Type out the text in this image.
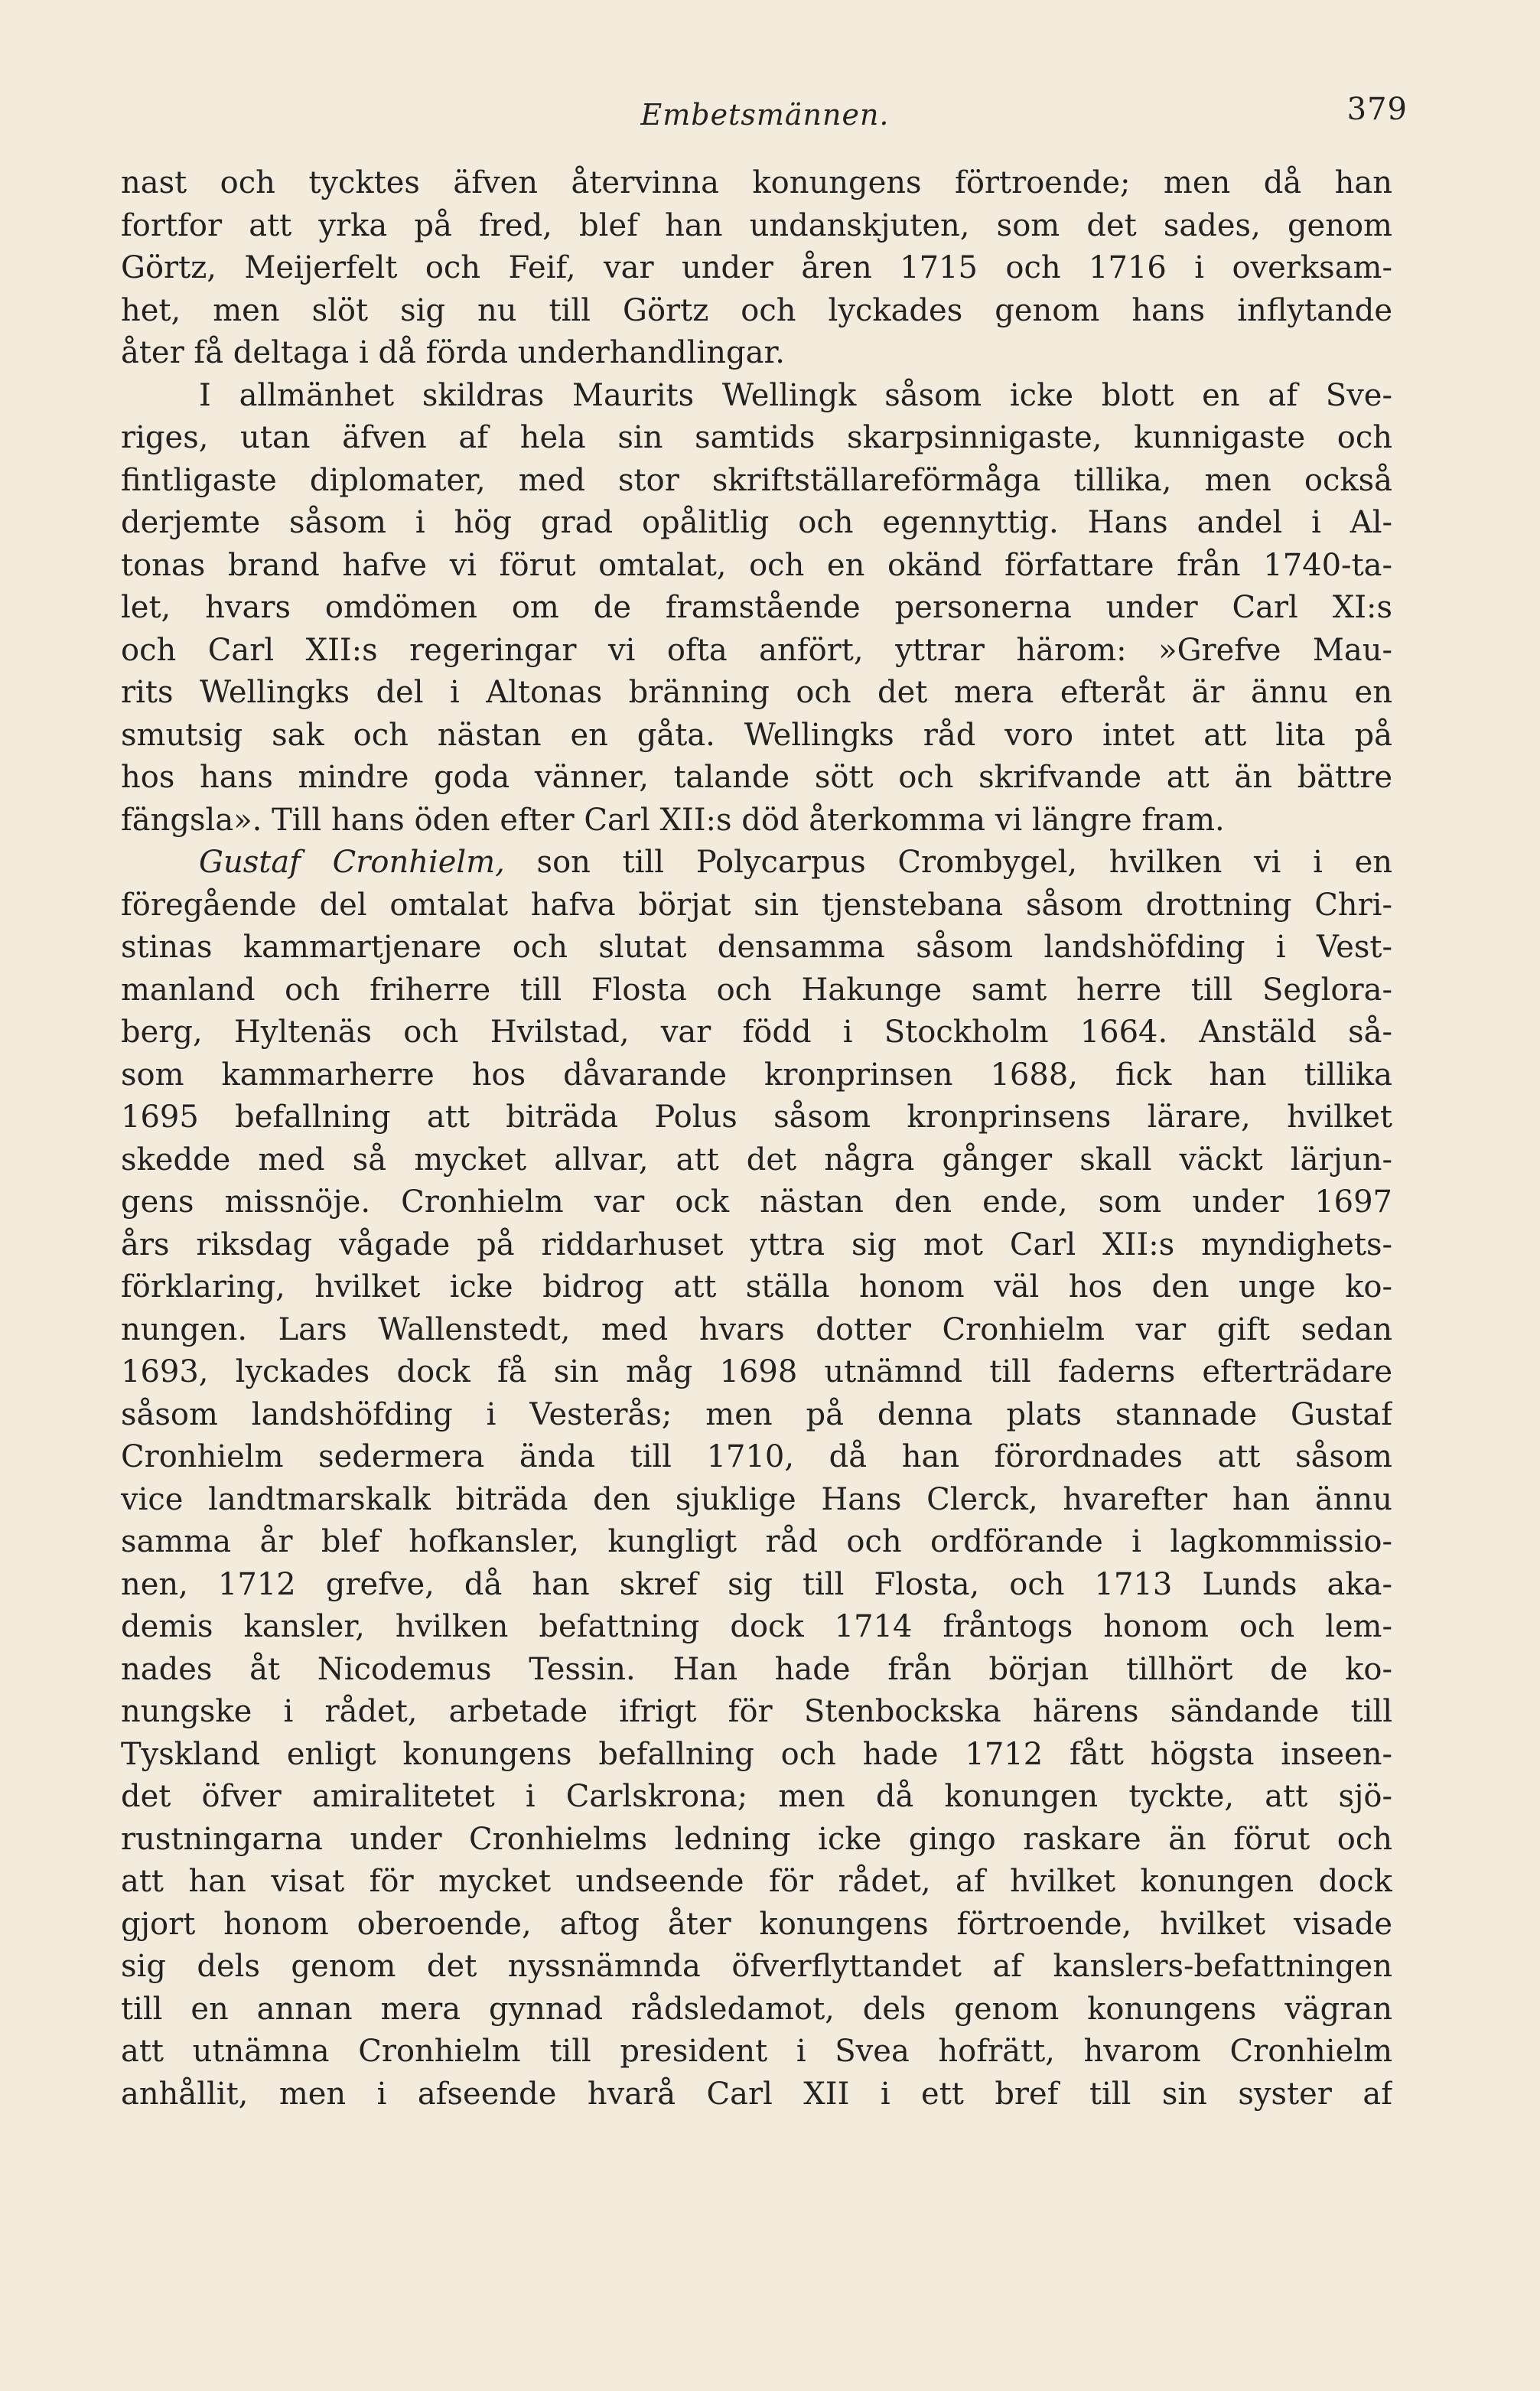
Embetsmännen.	379
nast och tycktes äfven återvinna konungens förtroende; men då han
fortfor att yrka på fred, blef han undanskjuten, som det sades, genom
Görtz, Meijerfelt och Feif, var under åren 1715 och 1716 i overksam-
het, men slöt sig nu till Görtz och lyckades genom hans inflytande
åter få deltaga i då förda underhandlingar.
I allmänhet skildras Maurits Wellingk såsom icke blott en af Sve-
riges, utan äfven af hela sin samtids skarpsinnigaste, kunnigaste och
fintligaste diplomater, med stor skriftställareförmåga tillika, men också
derjemte såsom i hög grad opålitlig och egennyttig. Hans andel i Al-
tonas brand hafve vi förut omtalat, och en okänd författare från 1740-ta-
let, hvars omdömen om de framstående personerna under Carl XI:s
och Carl XII:s regeringar vi ofta anfört, yttrar härom: »Grefve Mau-
rits Wellingks del i Altonas bränning och det mera efteråt är ännu en
smutsig sak och nästan en gåta. Wellingks råd voro intet att lita på
hos hans mindre goda vänner, talande sött och skrifvande att än bättre
fängsla». Till hans öden efter Carl XII:s död återkomma vi längre fram.
Gustaf Cronhielm, son till Polycarpus Crombygel, hvilken vi i en
föregående del omtalat hafva börjat sin tjenstebana såsom drottning Chri-
stinas kammartjenare och slutat densamma såsom landshöfding i Vest-
manland och friherre till Flosta och Hakunge samt herre till Seglora-
berg, Hyltenäs och Hvilstad, var född i Stockholm 1664. Anstäld så-
som kammarherre hos dåvarande kronprinsen 1688, fick han tillika
1695 befallning att biträda Polus såsom kronprinsens lärare, hvilket
skedde med så mycket allvar, att det några gånger skall väckt lärjun-
gens missnöje. Cronhielm var ock nästan den ende, som under 1697
års riksdag vågade på riddarhuset yttra sig mot Carl XII:s myndighets-
förklaring, hvilket icke bidrog att ställa honom väl hos den unge ko-
nungen. Lars Wallenstedt, med hvars dotter Cronhielm var gift sedan
1693, lyckades dock få sin måg 1698 utnämnd till faderns efterträdare
såsom landshöfding i Vesterås; men på denna plats stannade Gustaf
Cronhielm sedermera ända till 1710, då han förordnades att såsom
vice landtmarskalk biträda den sjuklige Hans Clerck, hvarefter han ännu
samma år blef hofkansler, kungligt råd och ordförande i lagkommissio-
nen, 1712 grefve, då han skref sig till Flosta, och 1713 Lunds aka-
demis kansler, hvilken befattning dock 1714 fråntogs honom och lem-
nades åt Nicodemus Tessin. Han hade från början tillhört de ko-
nungske i rådet, arbetade ifrigt för Stenbockska härens sändande till
Tyskland enligt konungens befallning och hade 1712 fått högsta inseen-
det öfver amiralitetet i Carlskrona; men då konungen tyckte, att sjö-
rustningarna under Cronhielms ledning icke gingo raskare än förut och
att han visat för mycket undseende för rådet, af hvilket konungen dock
gjort honom oberoende, aftog åter konungens förtroende, hvilket visade
sig dels genom det nyssnämnda öfverflyttandet af kanslers-befattningen
till en annan mera gynnad rådsledamot, dels genom konungens vägran
att utnämna Cronhielm till president i Svea hofrätt, hvarom Cronhielm
anhållit, men i afseende hvarå Carl XII i ett bref till sin syster af
